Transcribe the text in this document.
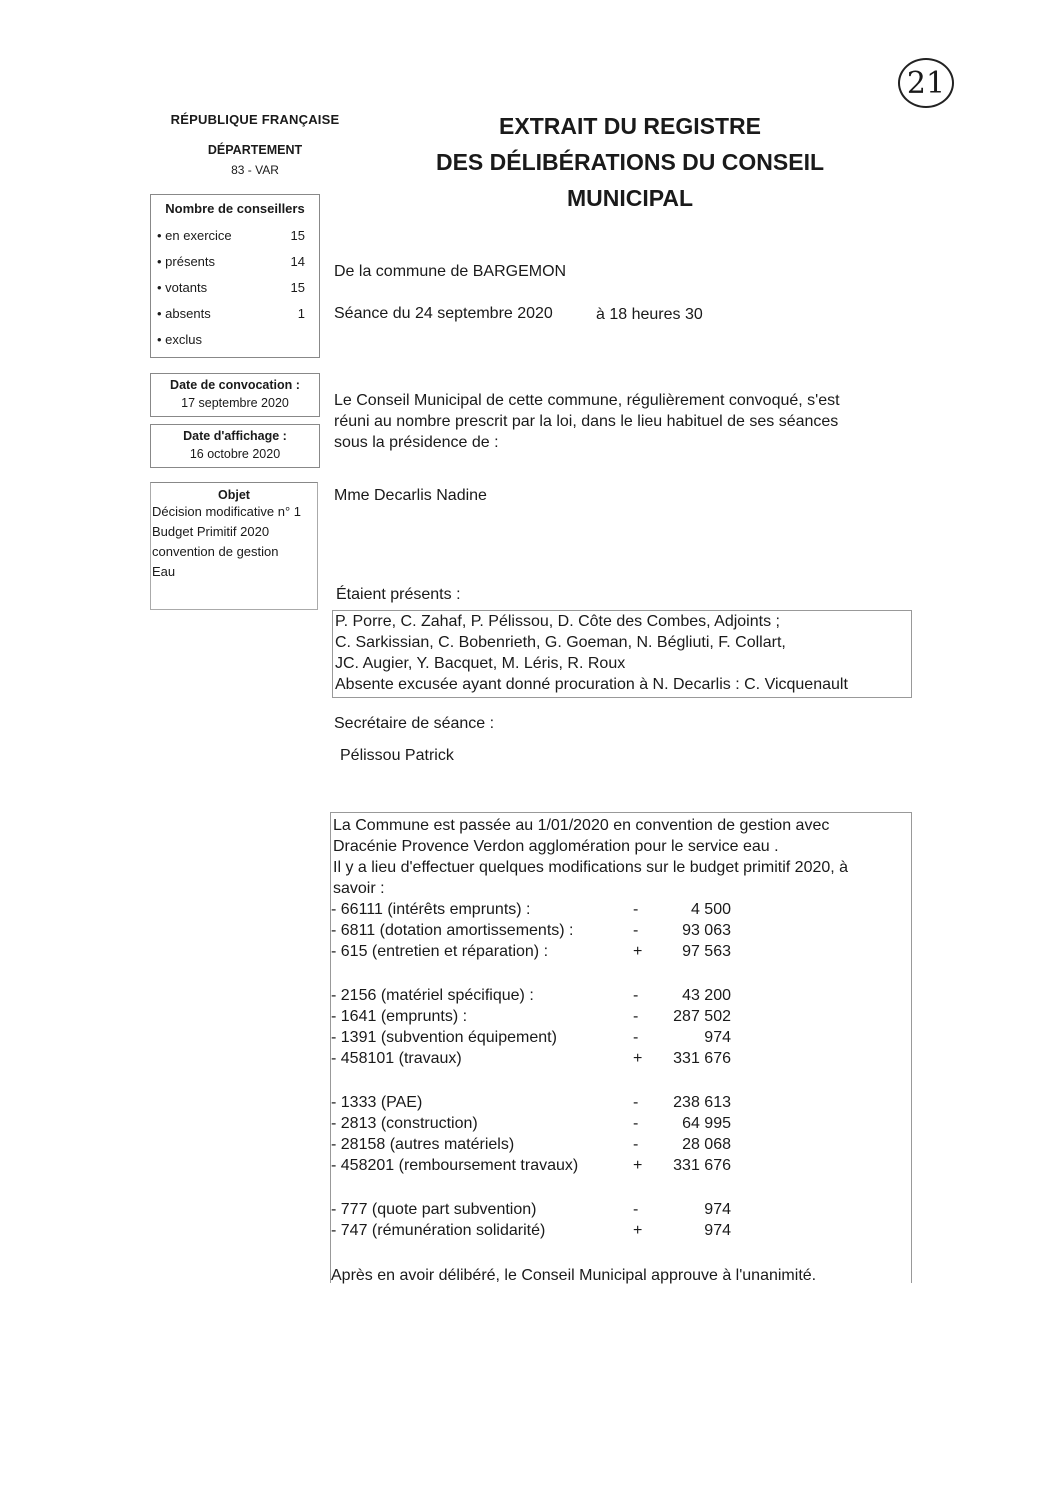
21
RÉPUBLIQUE FRANÇAISE
DÉPARTEMENT
83 - VAR
EXTRAIT DU REGISTRE
DES DÉLIBÉRATIONS DU CONSEIL
MUNICIPAL
Nombre de conseillers
• en exercice	15
• présents	14
• votants	15
• absents	1
• exclus
Date de convocation :
17 septembre 2020
Date d'affichage :
16 octobre 2020
Objet
Décision modificative n° 1
Budget Primitif 2020
convention de gestion
Eau
De la commune de BARGEMON
Séance du 24 septembre 2020	à 18 heures 30
Le Conseil Municipal de cette commune, régulièrement convoqué, s'est
réuni au nombre prescrit par la loi, dans le lieu habituel de ses séances
sous la présidence de :
Mme Decarlis Nadine
Étaient présents :
P. Porre, C. Zahaf, P. Pélissou, D. Côte des Combes, Adjoints ;
C. Sarkissian, C. Bobenrieth, G. Goeman, N. Bégliuti, F. Collart,
JC. Augier, Y. Bacquet, M. Léris, R. Roux
Absente excusée ayant donné procuration à N. Decarlis : C. Vicquenault
Secrétaire de séance :
Pélissou Patrick
La Commune est passée au 1/01/2020 en convention de gestion avec
Dracénie Provence Verdon agglomération pour le service eau .
Il y a lieu d'effectuer quelques modifications sur le budget primitif 2020, à
savoir :
- 66111 (intérêts emprunts) :	-	4 500
- 6811 (dotation amortissements) :	-	93 063
- 615 (entretien et réparation) :	+	97 563
- 2156 (matériel spécifique) :	-	43 200
- 1641 (emprunts) :	-	287 502
- 1391 (subvention équipement)	-	974
- 458101 (travaux)	+	331 676
- 1333 (PAE)	-	238 613
- 2813 (construction)	-	64 995
- 28158 (autres matériels)	-	28 068
- 458201 (remboursement travaux)	+	331 676
- 777 (quote part subvention)	-	974
- 747 (rémunération solidarité)	+	974
Après en avoir délibéré, le Conseil Municipal approuve à l'unanimité.
